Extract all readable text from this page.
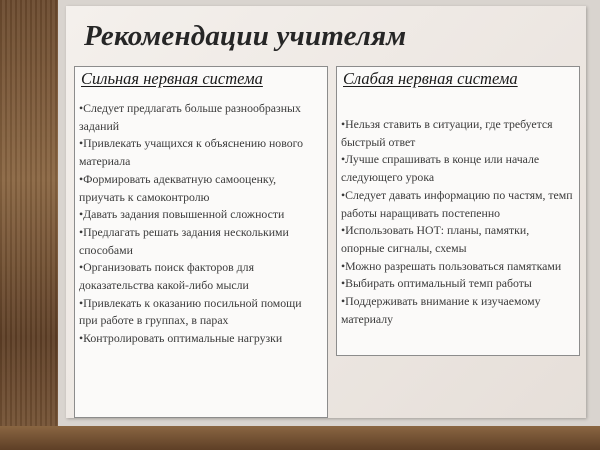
Рекомендации учителям
Сильная нервная система
•Следует предлагать больше разнообразных заданий
•Привлекать учащихся к объяснению нового материала
•Формировать адекватную самооценку, приучать к самоконтролю
•Давать задания повышенной сложности
•Предлагать решать задания несколькими способами
•Организовать поиск факторов для доказательства какой-либо мысли
•Привлекать к оказанию посильной помощи при работе в группах, в парах
•Контролировать оптимальные нагрузки
Слабая нервная система
•Нельзя ставить в ситуации, где требуется быстрый ответ
•Лучше спрашивать в конце или начале следующего урока
•Следует давать информацию по частям, темп работы наращивать постепенно
•Использовать НОТ: планы, памятки, опорные сигналы, схемы
•Можно разрешать пользоваться памятками
•Выбирать оптимальный темп работы
•Поддерживать внимание к изучаемому материалу
